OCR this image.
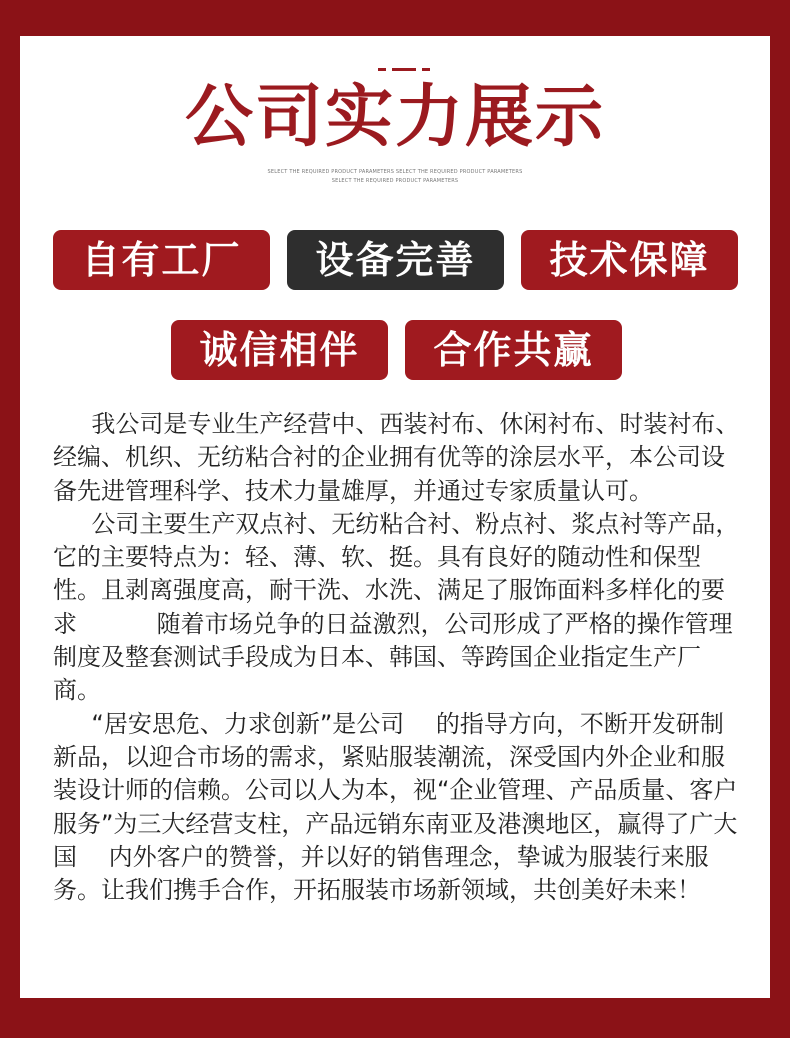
公司实力展示
SELECT THE REQUIRED PRODUCT PARAMETERS SELECT THE REQUIRED PRODUCT PARAMETERS
SELECT THE REQUIRED PRODUCT PARAMETERS
自有工厂	设备完善	技术保障
诚信相伴	合作共赢

我公司是专业生产经营中、西装衬布、休闲衬布、时装衬布、经编、机织、无纺粘合衬的企业拥有优等的涂层水平，本公司设备先进管理科学、技术力量雄厚，并通过专家质量认可。

公司主要生产双点衬、无纺粘合衬、粉点衬、浆点衬等产品，它的主要特点为：轻、薄、软、挺。具有良好的随动性和保型性。且剥离强度高，耐干洗、水洗、满足了服饰面料多样化的要求 　　　随着市场兑争的日益激烈，公司形成了严格的操作管理制度及整套测试手段成为日本、韩国、等跨国企业指定生产厂商。

“居安思危、力求创新”是公司 　的指导方向，不断开发研制新品，以迎合市场的需求，紧贴服装潮流，深受国内外企业和服装设计师的信赖。公司以人为本，视“企业管理、产品质量、客户服务”为三大经营支柱，产品远销东南亚及港澳地区，赢得了广大国 　内外客户的赞誉，并以好的销售理念，挚诚为服装行来服务。让我们携手合作，开拓服装市场新领域，共创美好未来！
